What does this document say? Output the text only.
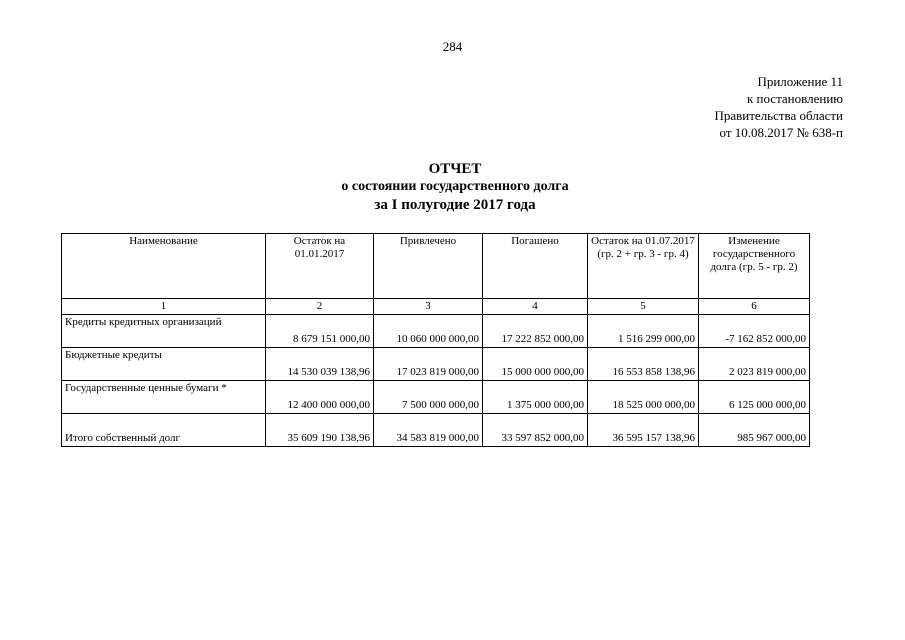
284
Приложение 11
к постановлению
Правительства области
от 10.08.2017 № 638-п
ОТЧЕТ
о состоянии государственного долга
за I полугодие 2017 года
Наименование	Остаток на 01.01.2017	Привлечено	Погашено	Остаток на 01.07.2017 (гр. 2 + гр. 3 - гр. 4)	Изменение государственного долга (гр. 5 - гр. 2)
1	2	3	4	5	6
Кредиты кредитных организаций	8 679 151 000,00	10 060 000 000,00	17 222 852 000,00	1 516 299 000,00	-7 162 852 000,00
Бюджетные кредиты	14 530 039 138,96	17 023 819 000,00	15 000 000 000,00	16 553 858 138,96	2 023 819 000,00
Государственные ценные бумаги *	12 400 000 000,00	7 500 000 000,00	1 375 000 000,00	18 525 000 000,00	6 125 000 000,00
Итого собственный долг	35 609 190 138,96	34 583 819 000,00	33 597 852 000,00	36 595 157 138,96	985 967 000,00
